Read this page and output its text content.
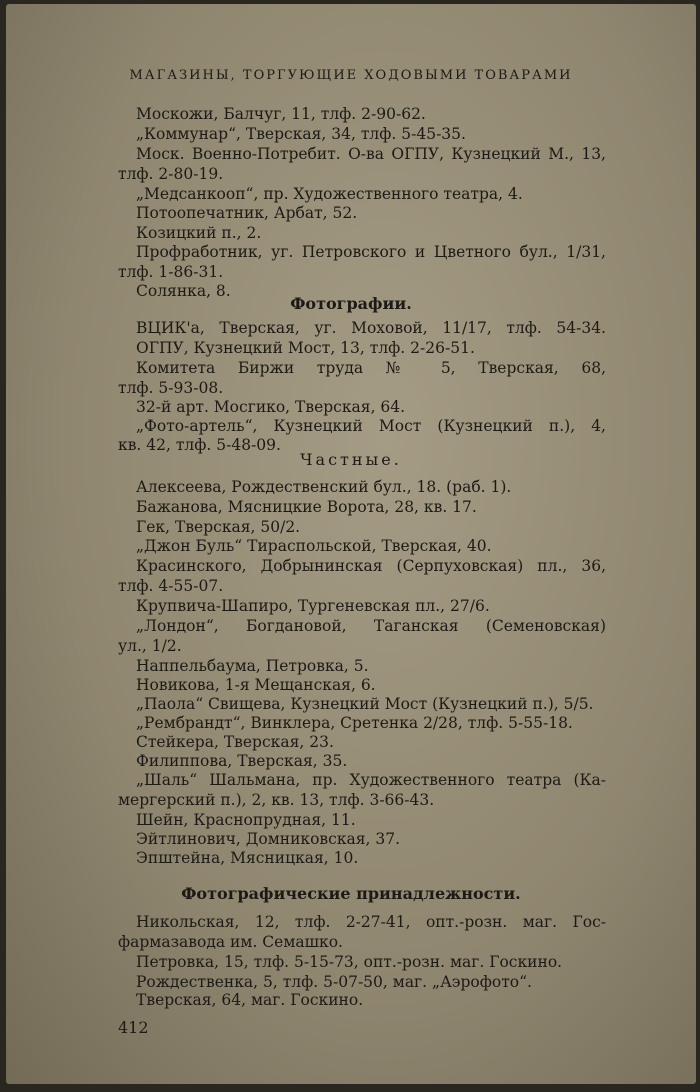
МАГАЗИНЫ, ТОРГУЮЩИЕ ХОДОВЫМИ ТОВАРАМИ
Москожи, Балчуг, 11, тлф. 2-90-62.
„Коммунар“, Тверская, 34, тлф. 5-45-35.
Моск. Военно-Потребит. О-ва ОГПУ, Кузнецкий М., 13,
тлф. 2-80-19.
„Медсанкооп“, пр. Художественного театра, 4.
Потоопечатник, Арбат, 52.
Козицкий п., 2.
Профработник, уг. Петровского и Цветного бул., 1/31,
тлф. 1-86-31.
Солянка, 8.
Фотографии.
ВЦИК'а, Тверская, уг. Моховой, 11/17, тлф. 54-34.
ОГПУ, Кузнецкий Мост, 13, тлф. 2-26-51.
Комитета Биржи труда № 5, Тверская, 68,
тлф. 5-93-08.
32-й арт. Мосгико, Тверская, 64.
„Фото-артель“, Кузнецкий Мост (Кузнецкий п.), 4,
кв. 42, тлф. 5-48-09.
Частные.
Алексеева, Рождественский бул., 18. (раб. 1).
Бажанова, Мясницкие Ворота, 28, кв. 17.
Гек, Тверская, 50/2.
„Джон Буль“ Тираспольской, Тверская, 40.
Красинского, Добрынинская (Серпуховская) пл., 36,
тлф. 4-55-07.
Крупвича-Шапиро, Тургеневская пл., 27/6.
„Лондон“, Богдановой, Таганская (Семеновская)
ул., 1/2.
Наппельбаума, Петровка, 5.
Новикова, 1-я Мещанская, 6.
„Паола“ Свищева, Кузнецкий Мост (Кузнецкий п.), 5/5.
„Рембрандт“, Винклера, Сретенка 2/28, тлф. 5-55-18.
Стейкера, Тверская, 23.
Филиппова, Тверская, 35.
„Шаль“ Шальмана, пр. Художественного театра (Ка-
мергерский п.), 2, кв. 13, тлф. 3-66-43.
Шейн, Краснопрудная, 11.
Эйтлинович, Домниковская, 37.
Эпштейна, Мясницкая, 10.
Фотографические принадлежности.
Никольская, 12, тлф. 2-27-41, опт.-розн. маг. Гос-
фармазавода им. Семашко.
Петровка, 15, тлф. 5-15-73, опт.-розн. маг. Госкино.
Рождественка, 5, тлф. 5-07-50, маг. „Аэрофото“.
Тверская, 64, маг. Госкино.
412
